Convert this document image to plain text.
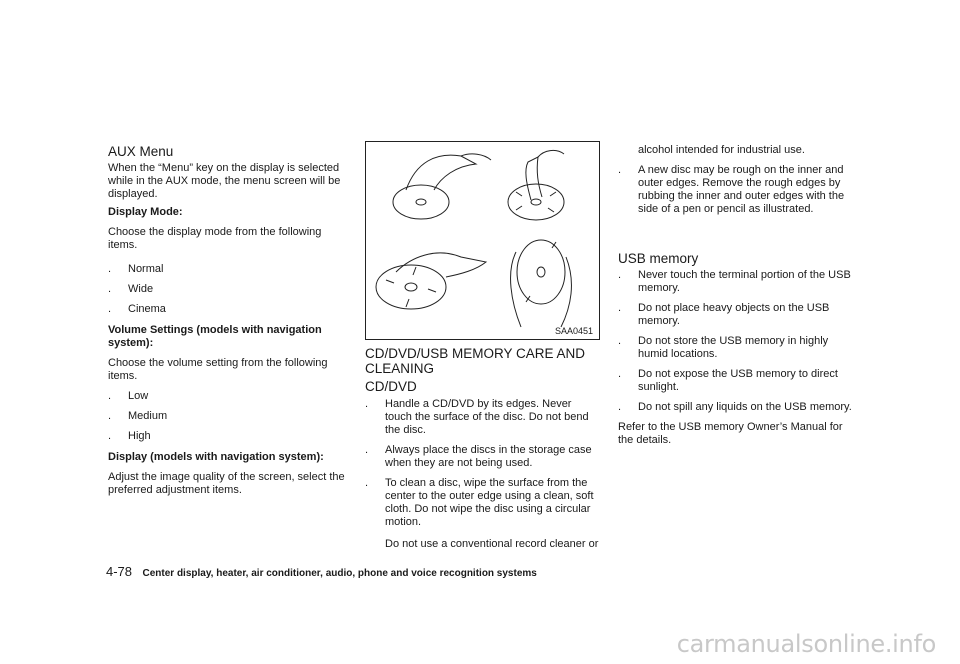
AUX Menu

When the “Menu” key on the display is selected while in the AUX mode, the menu screen will be displayed.

Display Mode:

Choose the display mode from the following items.

. Normal
. Wide
. Cinema

Volume Settings (models with navigation system):

Choose the volume setting from the following items.

. Low
. Medium
. High

Display (models with navigation system):

Adjust the image quality of the screen, select the preferred adjustment items.

SAA0451
CD/DVD/USB MEMORY CARE AND CLEANING
CD/DVD
. Handle a CD/DVD by its edges. Never touch the surface of the disc. Do not bend the disc.
. Always place the discs in the storage case when they are not being used.
. To clean a disc, wipe the surface from the center to the outer edge using a clean, soft cloth. Do not wipe the disc using a circular motion.

Do not use a conventional record cleaner or

alcohol intended for industrial use.

. A new disc may be rough on the inner and outer edges. Remove the rough edges by rubbing the inner and outer edges with the side of a pen or pencil as illustrated.
USB memory
. Never touch the terminal portion of the USB memory.
. Do not place heavy objects on the USB memory.
. Do not store the USB memory in highly humid locations.
. Do not expose the USB memory to direct sunlight.
. Do not spill any liquids on the USB memory.

Refer to the USB memory Owner’s Manual for the details.

4-78 Center display, heater, air conditioner, audio, phone and voice recognition systems
carmanualsonline.info
